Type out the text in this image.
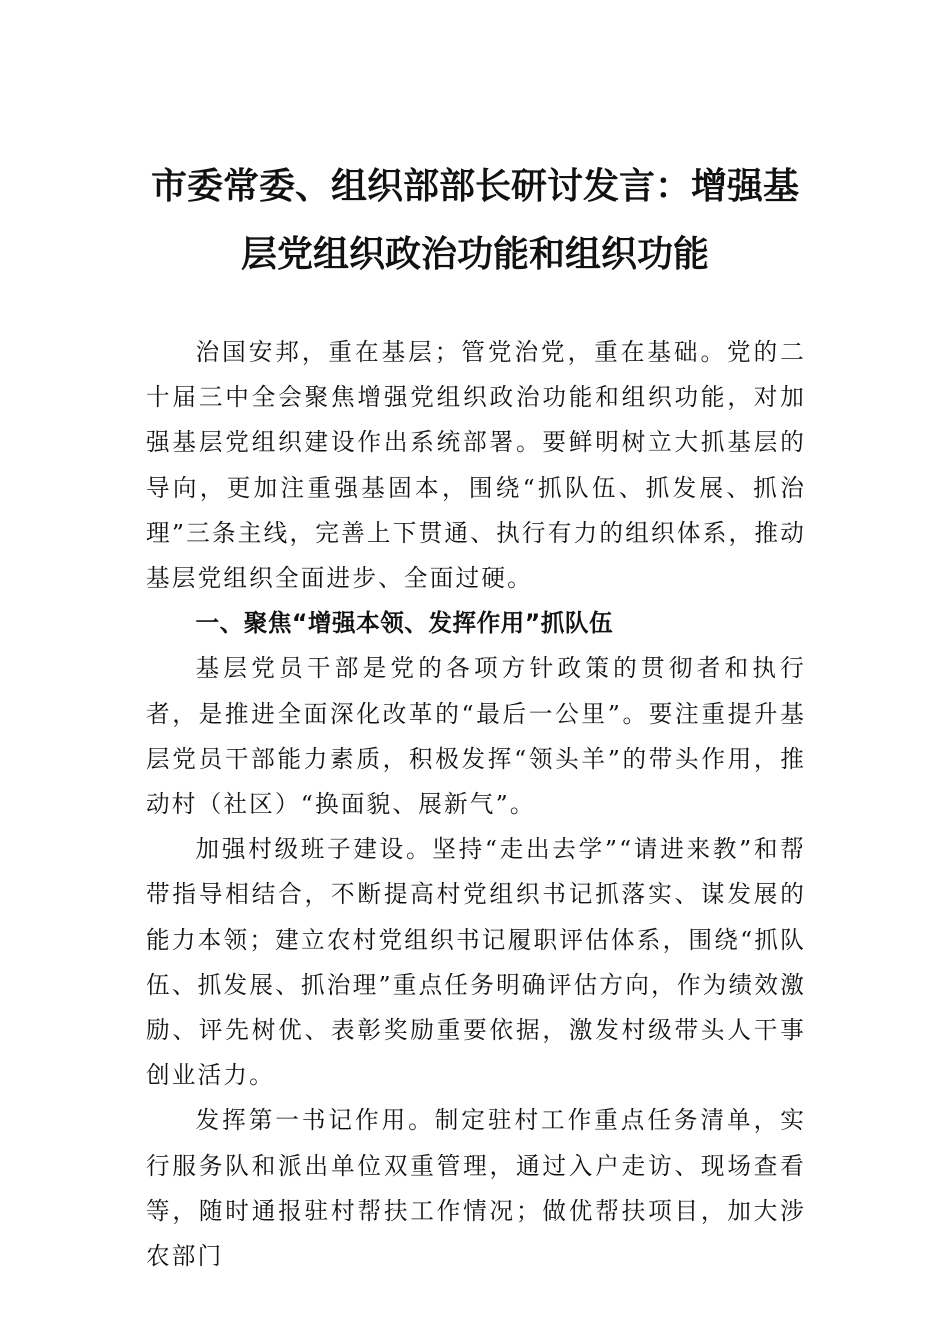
市委常委、组织部部长研讨发言：增强基
层党组织政治功能和组织功能

治国安邦，重在基层；管党治党，重在基础。党的二十届三中全会聚焦增强党组织政治功能和组织功能，对加强基层党组织建设作出系统部署。要鲜明树立大抓基层的导向，更加注重强基固本，围绕“抓队伍、抓发展、抓治理”三条主线，完善上下贯通、执行有力的组织体系，推动基层党组织全面进步、全面过硬。

一、聚焦“增强本领、发挥作用”抓队伍

基层党员干部是党的各项方针政策的贯彻者和执行者，是推进全面深化改革的“最后一公里”。要注重提升基层党员干部能力素质，积极发挥“领头羊”的带头作用，推动村（社区）“换面貌、展新气”。

加强村级班子建设。坚持“走出去学”“请进来教”和帮带指导相结合，不断提高村党组织书记抓落实、谋发展的能力本领；建立农村党组织书记履职评估体系，围绕“抓队伍、抓发展、抓治理”重点任务明确评估方向，作为绩效激励、评先树优、表彰奖励重要依据，激发村级带头人干事创业活力。

发挥第一书记作用。制定驻村工作重点任务清单，实行服务队和派出单位双重管理，通过入户走访、现场查看等，随时通报驻村帮扶工作情况；做优帮扶项目，加大涉农部门
